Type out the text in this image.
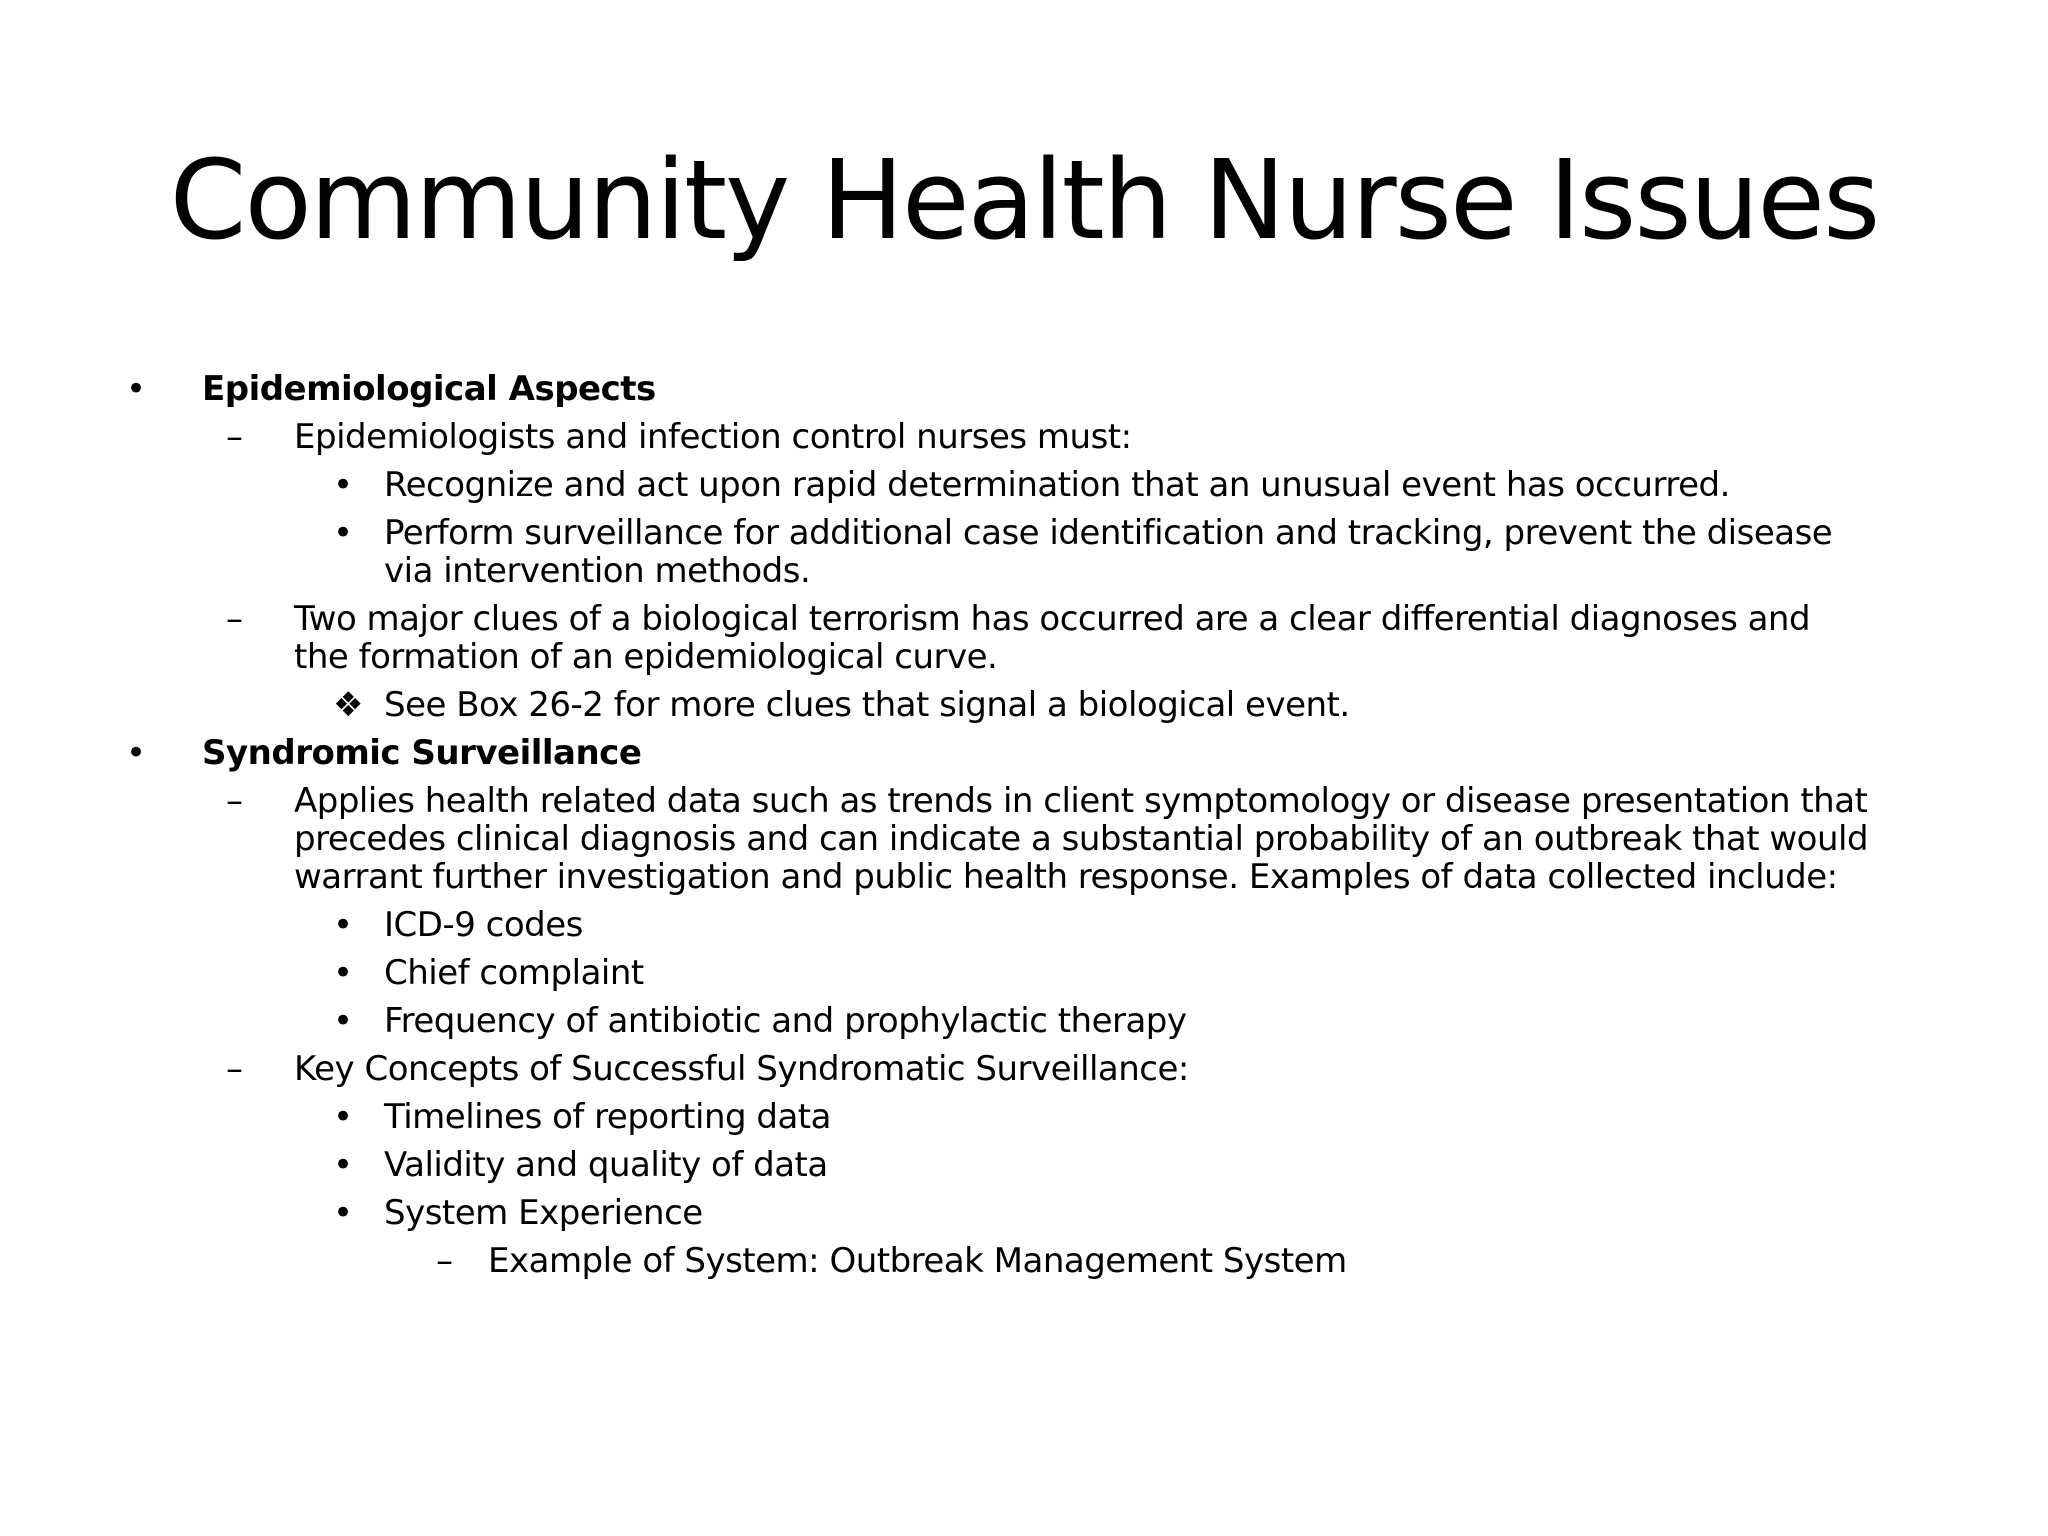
Community Health Nurse Issues
• Epidemiological Aspects
– Epidemiologists and infection control nurses must:
• Recognize and act upon rapid determination that an unusual event has occurred.
• Perform surveillance for additional case identification and tracking, prevent the disease via intervention methods.
– Two major clues of a biological terrorism has occurred are a clear differential diagnoses and the formation of an epidemiological curve.
❖ See Box 26-2 for more clues that signal a biological event.
• Syndromic Surveillance
– Applies health related data such as trends in client symptomology or disease presentation that precedes clinical diagnosis and can indicate a substantial probability of an outbreak that would warrant further investigation and public health response. Examples of data collected include:
• ICD-9 codes
• Chief complaint
• Frequency of antibiotic and prophylactic therapy
– Key Concepts of Successful Syndromatic Surveillance:
• Timelines of reporting data
• Validity and quality of data
• System Experience
– Example of System: Outbreak Management System
